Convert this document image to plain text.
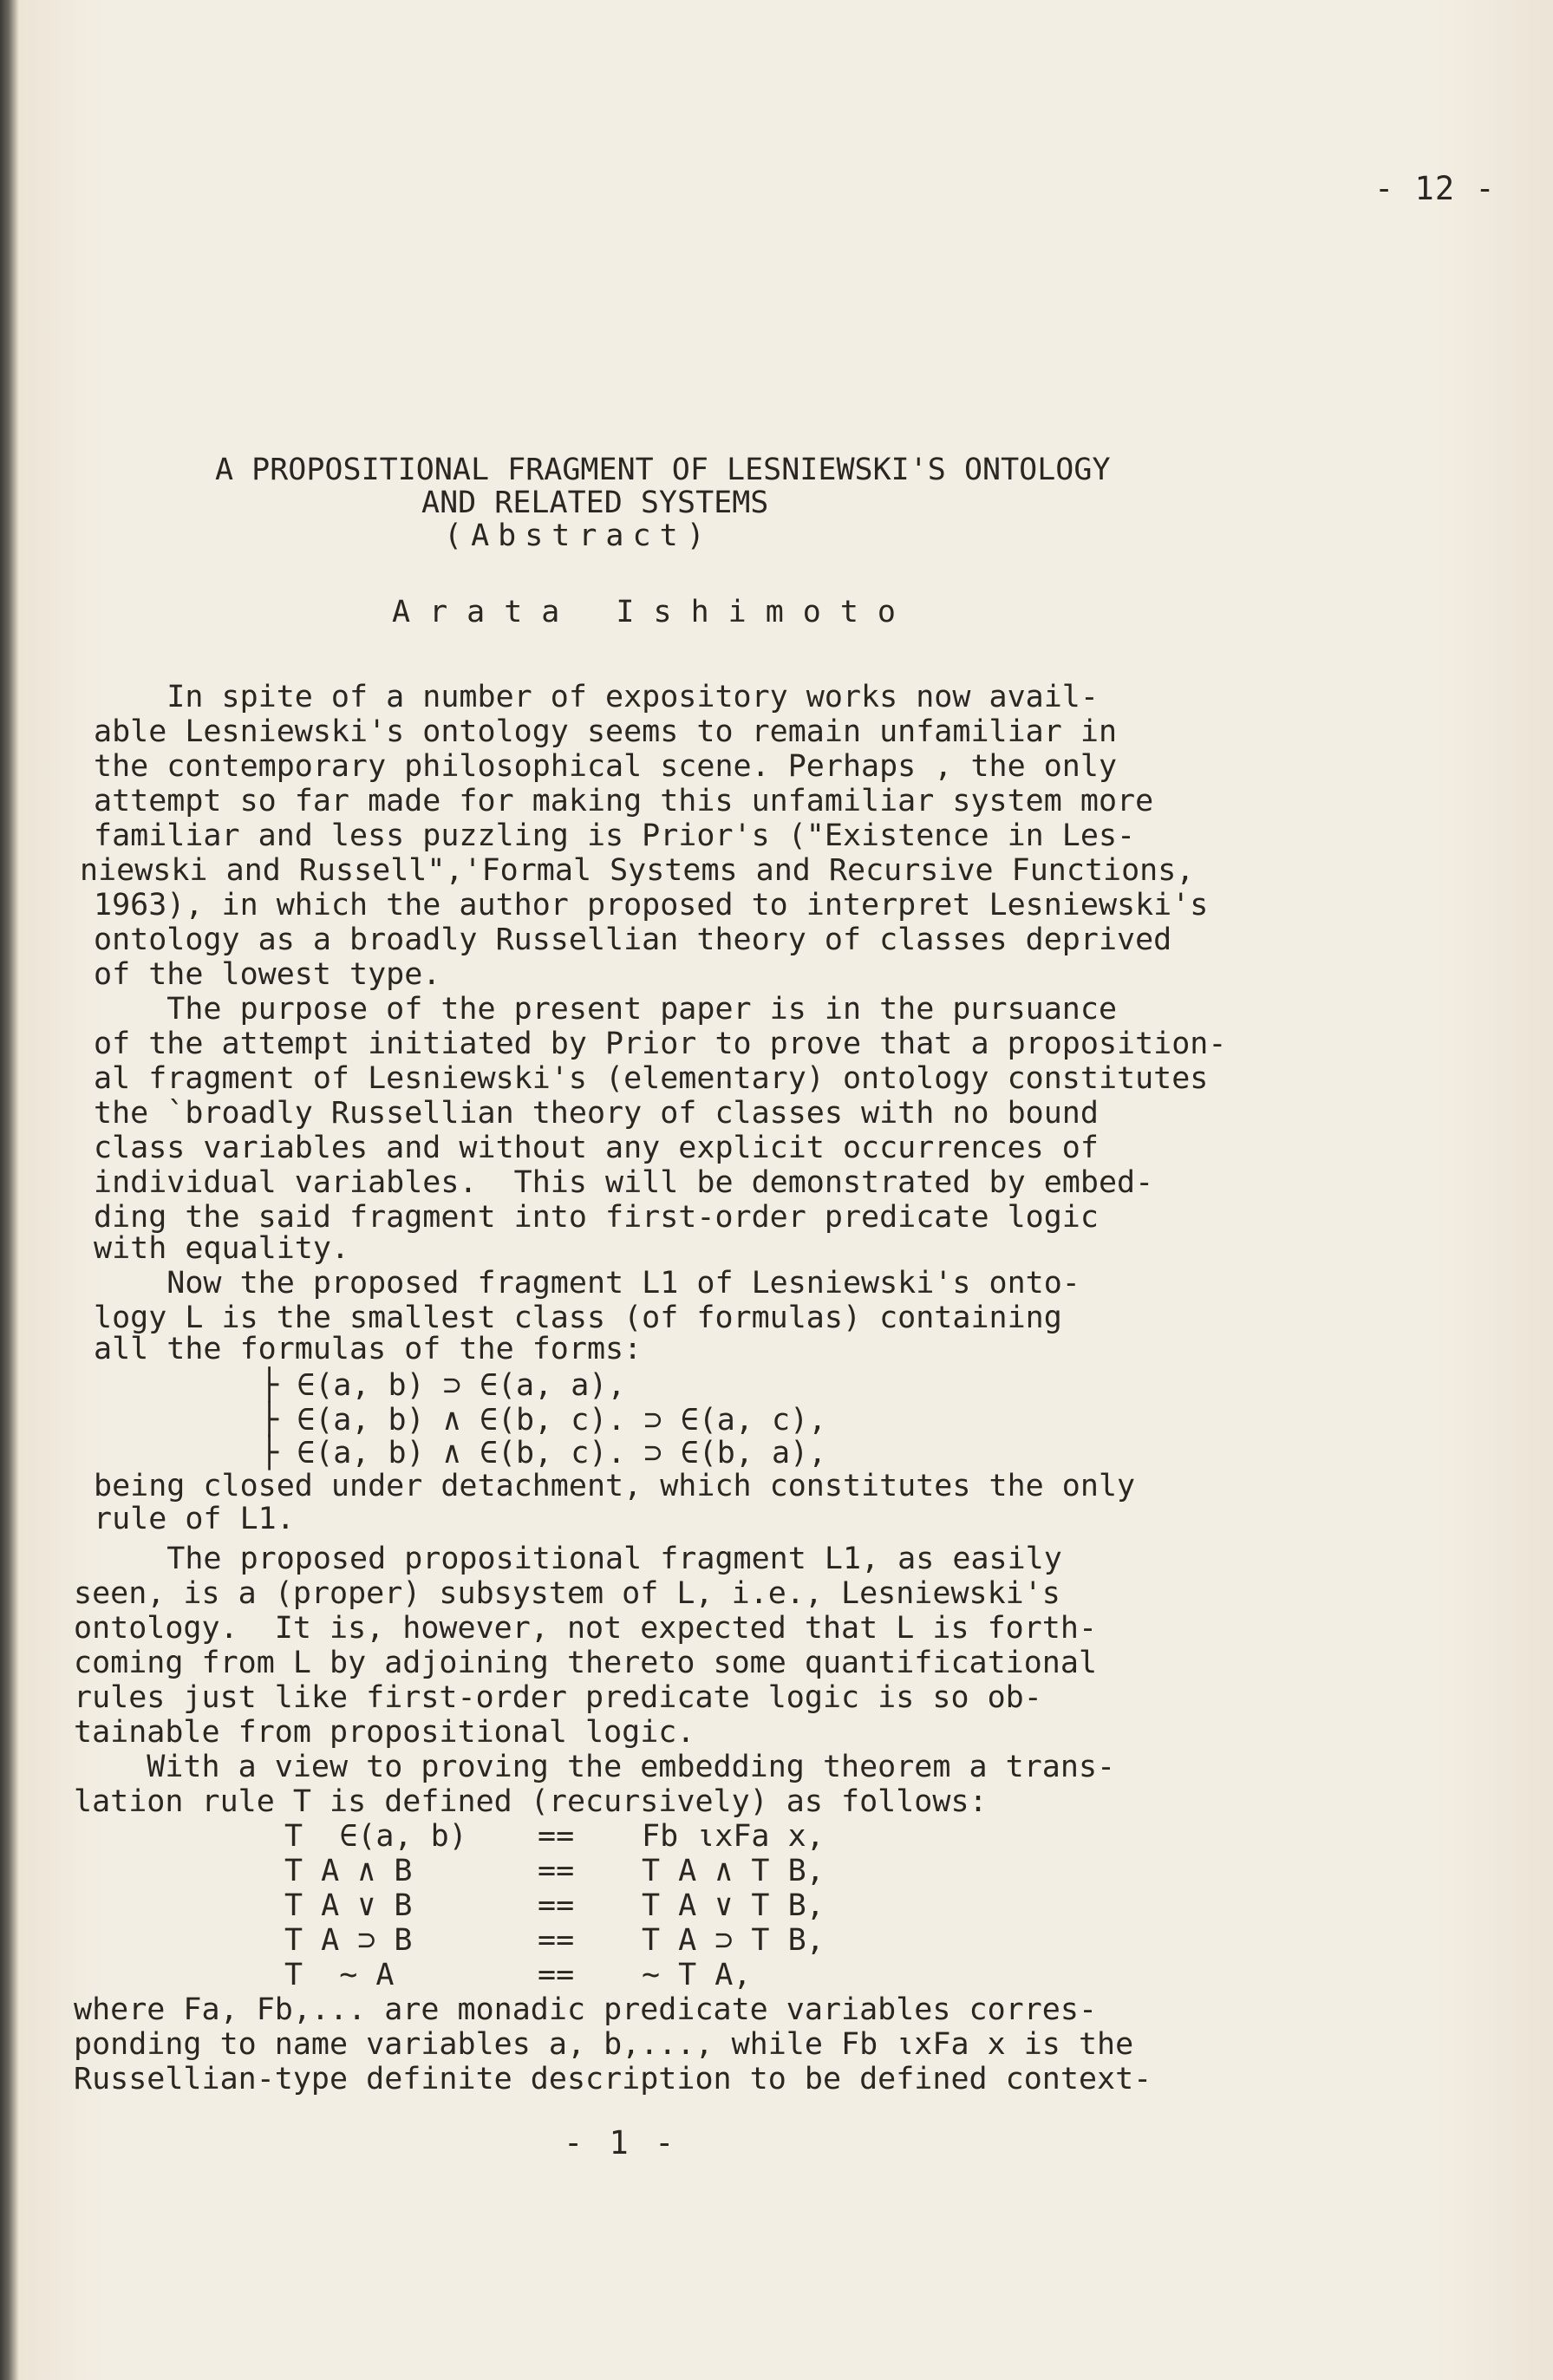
- 12 -
A PROPOSITIONAL FRAGMENT OF LESNIEWSKI'S ONTOLOGY
AND RELATED SYSTEMS
(Abstract)
Arata Ishimoto
In spite of a number of expository works now avail-
able Lesniewski's ontology seems to remain unfamiliar in
the contemporary philosophical scene. Perhaps , the only
attempt so far made for making this unfamiliar system more
familiar and less puzzling is Prior's ("Existence in Les-
niewski and Russell",'Formal Systems and Recursive Functions,
1963), in which the author proposed to interpret Lesniewski's
ontology as a broadly Russellian theory of classes deprived
of the lowest type.
The purpose of the present paper is in the pursuance
of the attempt initiated by Prior to prove that a proposition-
al fragment of Lesniewski's (elementary) ontology constitutes
the `broadly Russellian theory of classes with no bound
class variables and without any explicit occurrences of
individual variables.  This will be demonstrated by embed-
ding the said fragment into first-order predicate logic
with equality.
Now the proposed fragment L1 of Lesniewski's onto-
logy L is the smallest class (of formulas) containing
all the formulas of the forms:
├ ∈(a, b) ⊃ ∈(a, a),
├ ∈(a, b) ∧ ∈(b, c). ⊃ ∈(a, c),
├ ∈(a, b) ∧ ∈(b, c). ⊃ ∈(b, a),
being closed under detachment, which constitutes the only
rule of L1.
The proposed propositional fragment L1, as easily
seen, is a (proper) subsystem of L, i.e., Lesniewski's
ontology.  It is, however, not expected that L is forth-
coming from L by adjoining thereto some quantificational
rules just like first-order predicate logic is so ob-
tainable from propositional logic.
With a view to proving the embedding theorem a trans-
lation rule T is defined (recursively) as follows:
T  ∈(a, b) == Fb ιxFa x,
T A ∧ B	== T A ∧ T B,
T A ∨ B	== T A ∨ T B,
T A ⊃ B	== T A ⊃ T B,
T  ∼ A	== ∼ T A,
where Fa, Fb,... are monadic predicate variables corres-
ponding to name variables a, b,..., while Fb ιxFa x is the
Russellian-type definite description to be defined context-
- 1 -
